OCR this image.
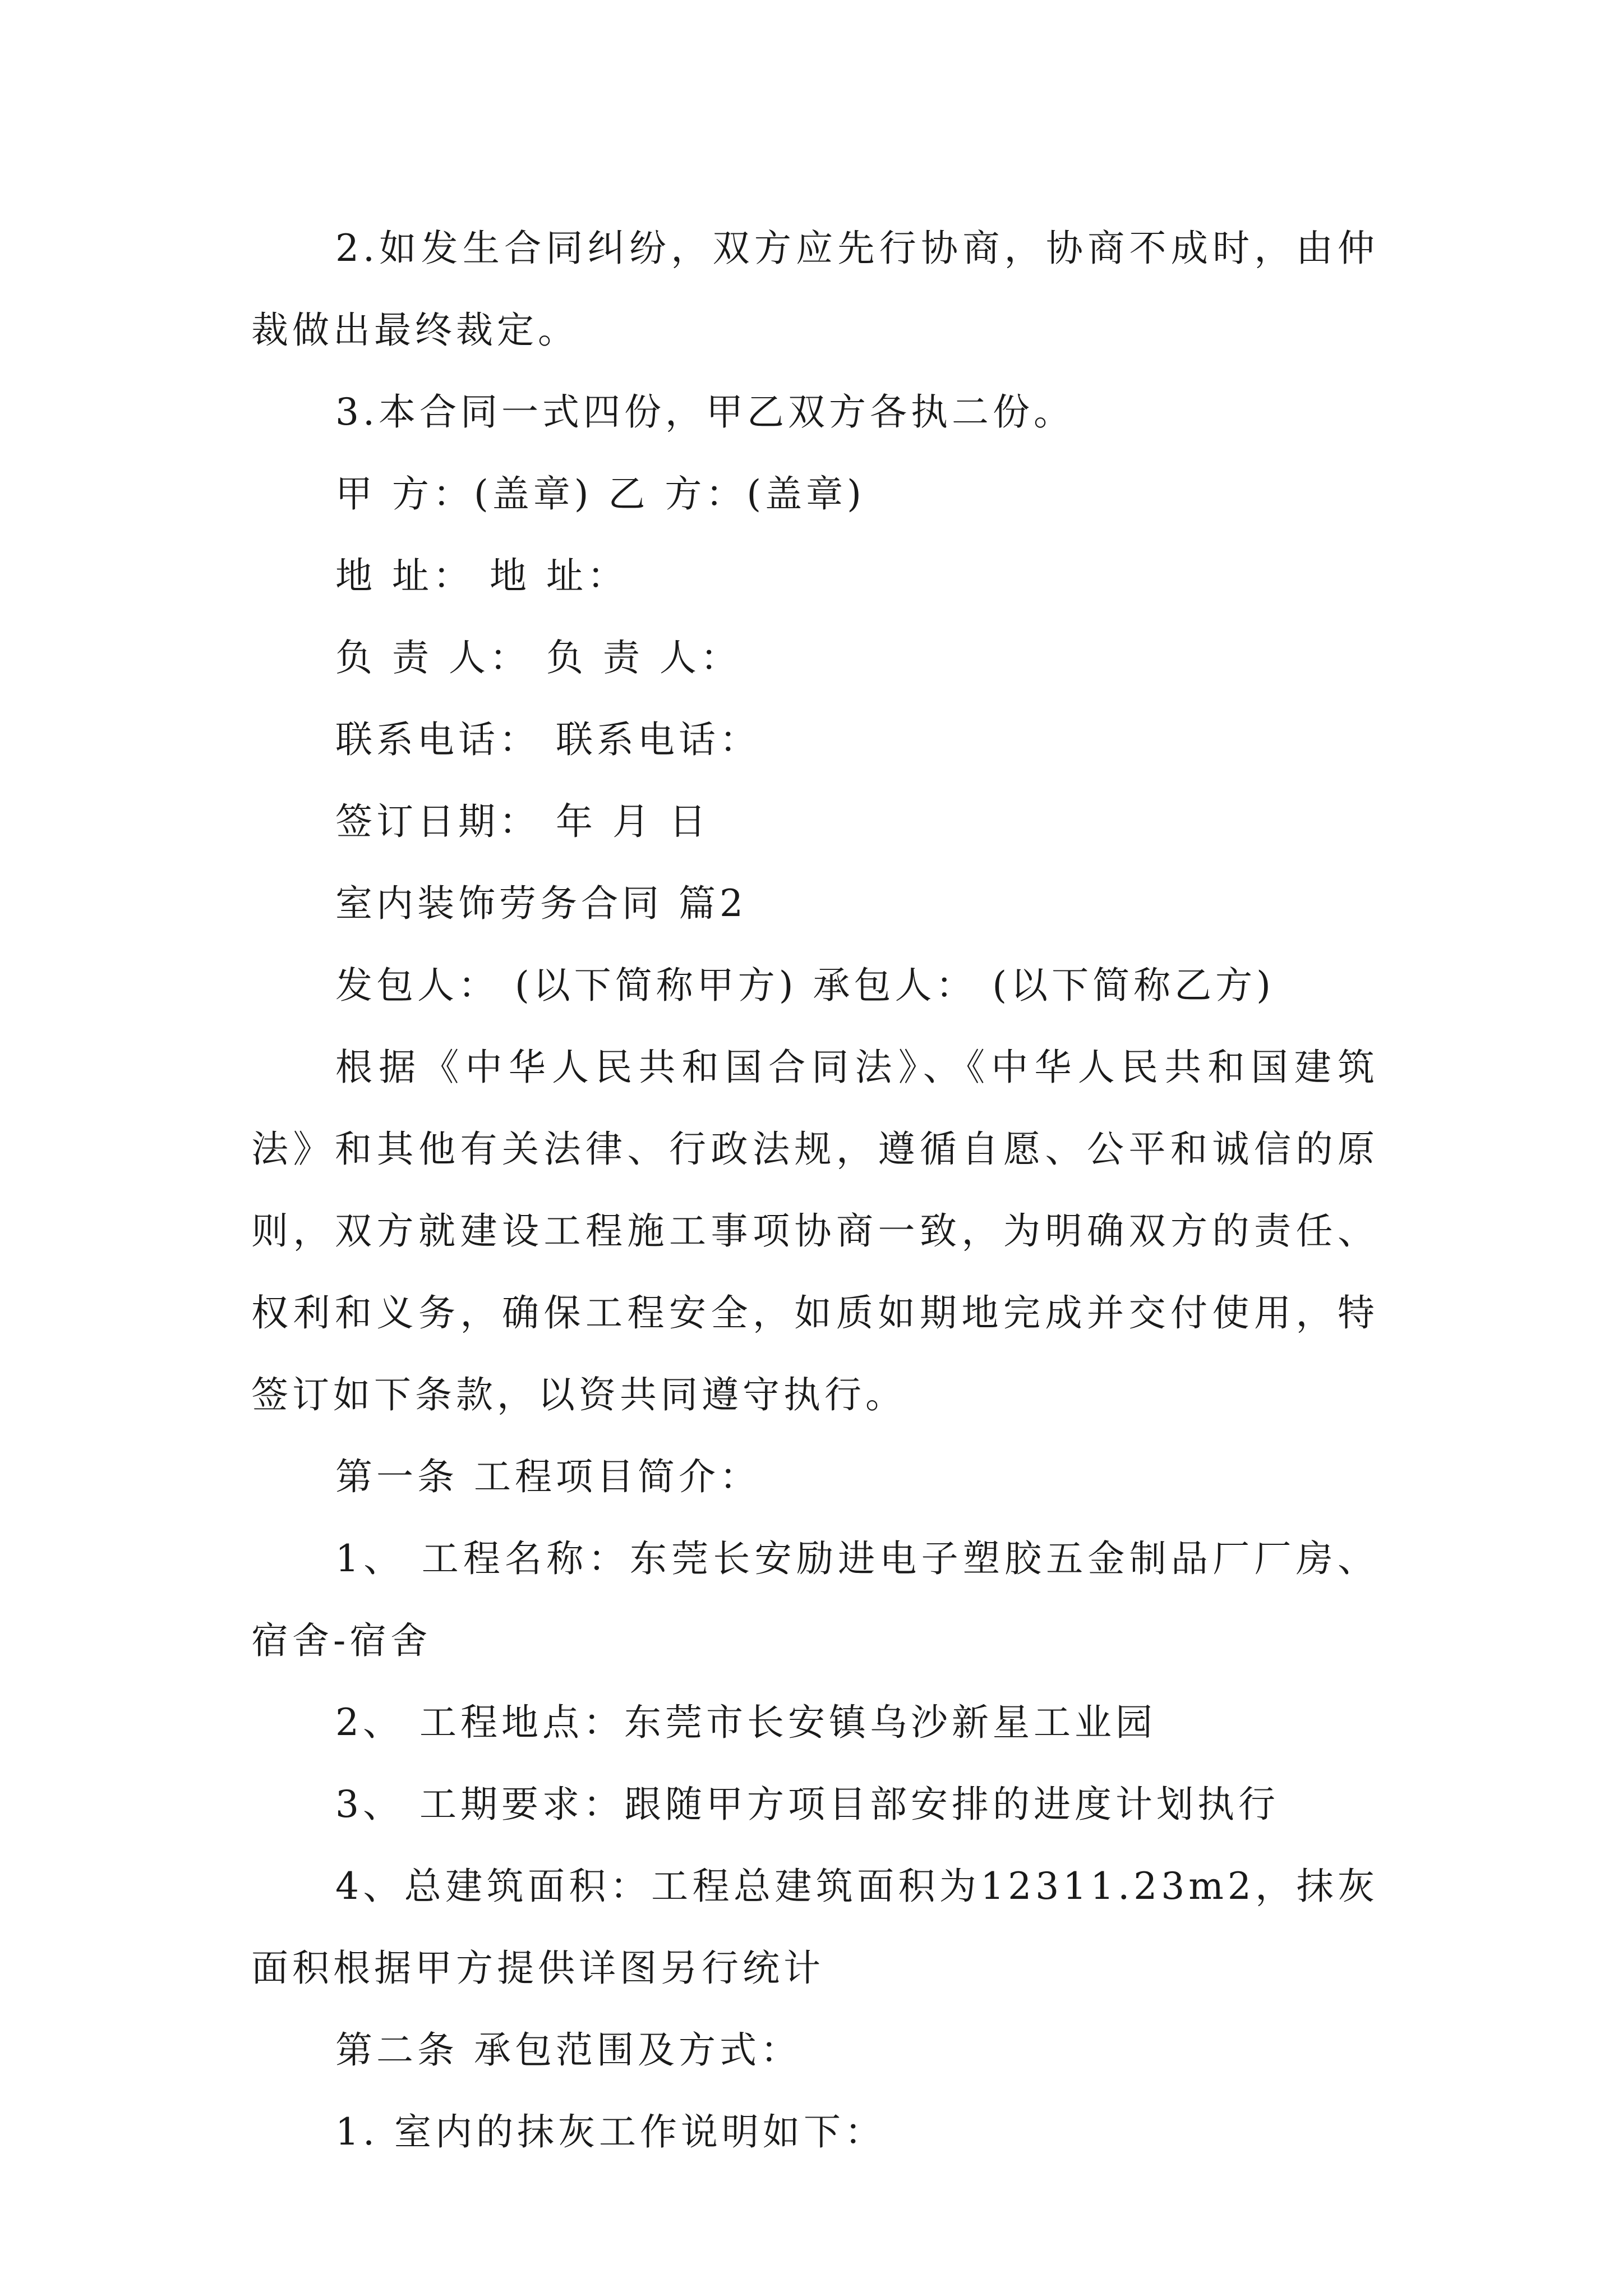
2.如发生合同纠纷，双方应先行协商，协商不成时，由仲裁做出最终裁定。

3.本合同一式四份，甲乙双方各执二份。

甲 方：(盖章) 乙 方：(盖章)

地 址： 地 址：

负 责 人： 负 责 人：

联系电话： 联系电话：

签订日期： 年 月 日

室内装饰劳务合同 篇2

发包人： (以下简称甲方) 承包人： (以下简称乙方)

根据《中华人民共和国合同法》、《中华人民共和国建筑法》和其他有关法律、行政法规，遵循自愿、公平和诚信的原则，双方就建设工程施工事项协商一致，为明确双方的责任、权利和义务，确保工程安全，如质如期地完成并交付使用，特签订如下条款，以资共同遵守执行。

第一条 工程项目简介：

1、 工程名称：东莞长安励进电子塑胶五金制品厂厂房、宿舍-宿舍

2、 工程地点：东莞市长安镇乌沙新星工业园

3、 工期要求：跟随甲方项目部安排的进度计划执行

4、总建筑面积：工程总建筑面积为12311.23m2，抹灰面积根据甲方提供详图另行统计

第二条 承包范围及方式：

1. 室内的抹灰工作说明如下：
